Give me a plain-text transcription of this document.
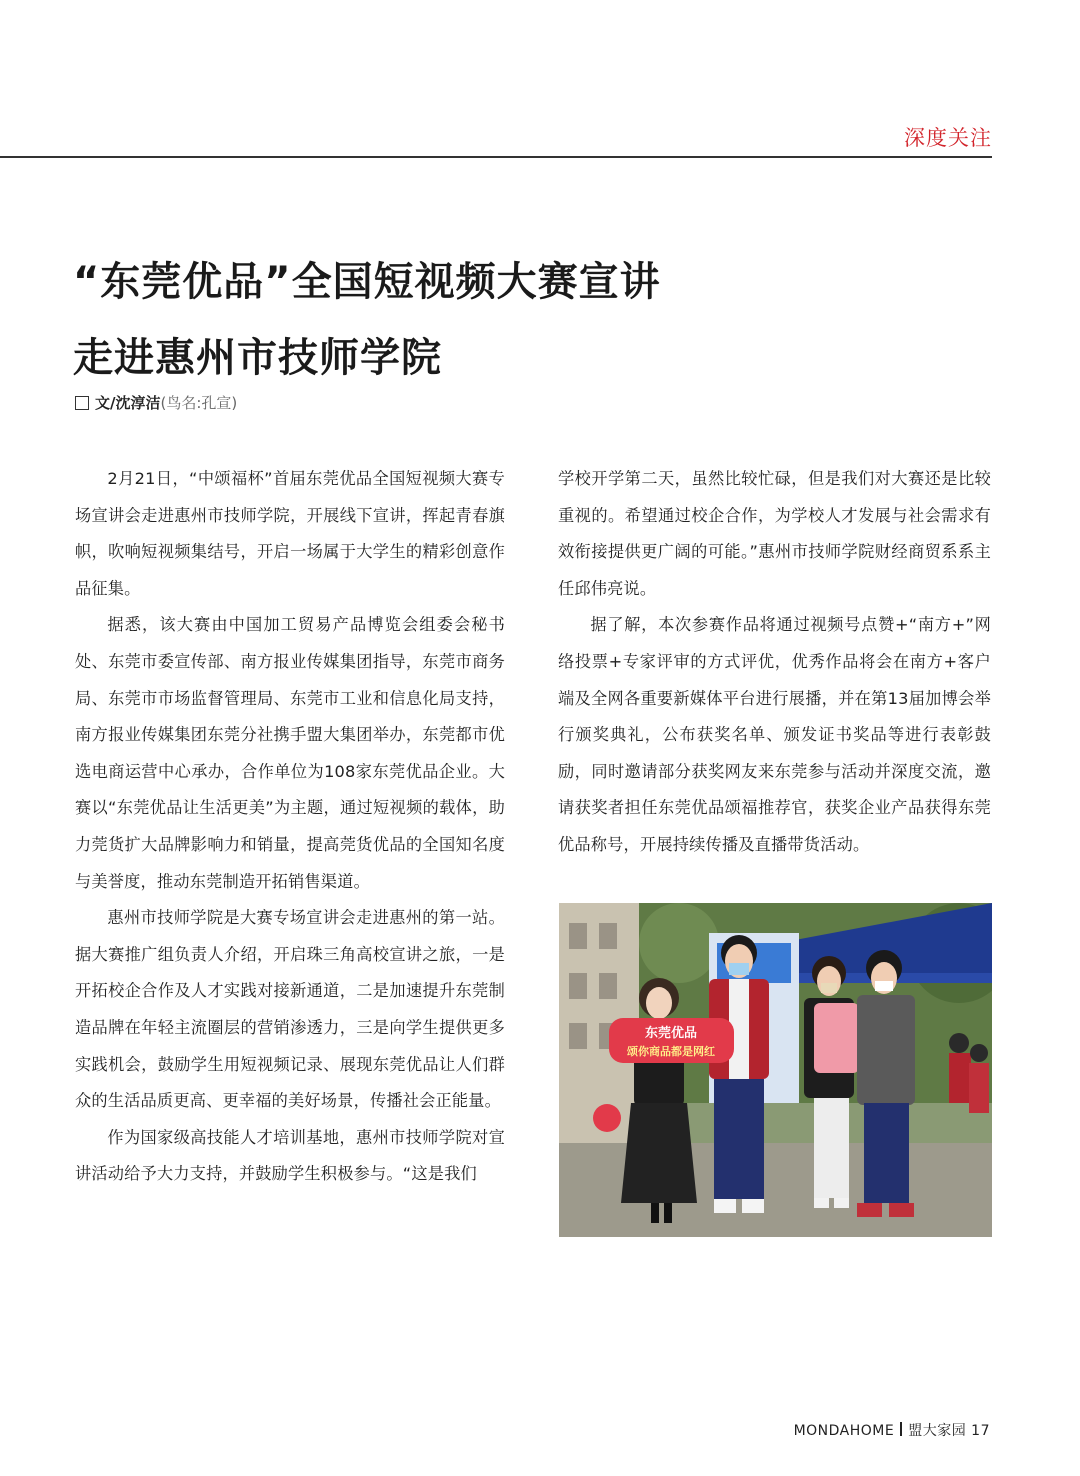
深度关注
“东莞优品”全国短视频大赛宣讲
走进惠州市技师学院
文/沈淳洁 (鸟名:孔宣)

2月21日，“中颂福杯”首届东莞优品全国短视频大赛专场宣讲会走进惠州市技师学院，开展线下宣讲，挥起青春旗帜，吹响短视频集结号，开启一场属于大学生的精彩创意作品征集。

据悉，该大赛由中国加工贸易产品博览会组委会秘书处、东莞市委宣传部、南方报业传媒集团指导，东莞市商务局、东莞市市场监督管理局、东莞市工业和信息化局支持，南方报业传媒集团东莞分社携手盟大集团举办，东莞都市优选电商运营中心承办，合作单位为108家东莞优品企业。大赛以“东莞优品让生活更美”为主题，通过短视频的载体，助力莞货扩大品牌影响力和销量，提高莞货优品的全国知名度与美誉度，推动东莞制造开拓销售渠道。

惠州市技师学院是大赛专场宣讲会走进惠州的第一站。据大赛推广组负责人介绍，开启珠三角高校宣讲之旅，一是开拓校企合作及人才实践对接新通道，二是加速提升东莞制造品牌在年轻主流圈层的营销渗透力，三是向学生提供更多实践机会，鼓励学生用短视频记录、展现东莞优品让人们群众的生活品质更高、更幸福的美好场景，传播社会正能量。

作为国家级高技能人才培训基地，惠州市技师学院对宣讲活动给予大力支持，并鼓励学生积极参与。“这是我们

学校开学第二天，虽然比较忙碌，但是我们对大赛还是比较重视的。希望通过校企合作，为学校人才发展与社会需求有效衔接提供更广阔的可能。”惠州市技师学院财经商贸系系主任邱伟亮说。

据了解，本次参赛作品将通过视频号点赞+“南方+”网络投票+专家评审的方式评优，优秀作品将会在南方+客户端及全网各重要新媒体平台进行展播，并在第13届加博会举行颁奖典礼，公布获奖名单、颁发证书奖品等进行表彰鼓励，同时邀请部分获奖网友来东莞参与活动并深度交流，邀请获奖者担任东莞优品颂福推荐官，获奖企业产品获得东莞优品称号，开展持续传播及直播带货活动。

东莞优品
颂你商品都是网红
MONDAHOME 盟大家园 17
